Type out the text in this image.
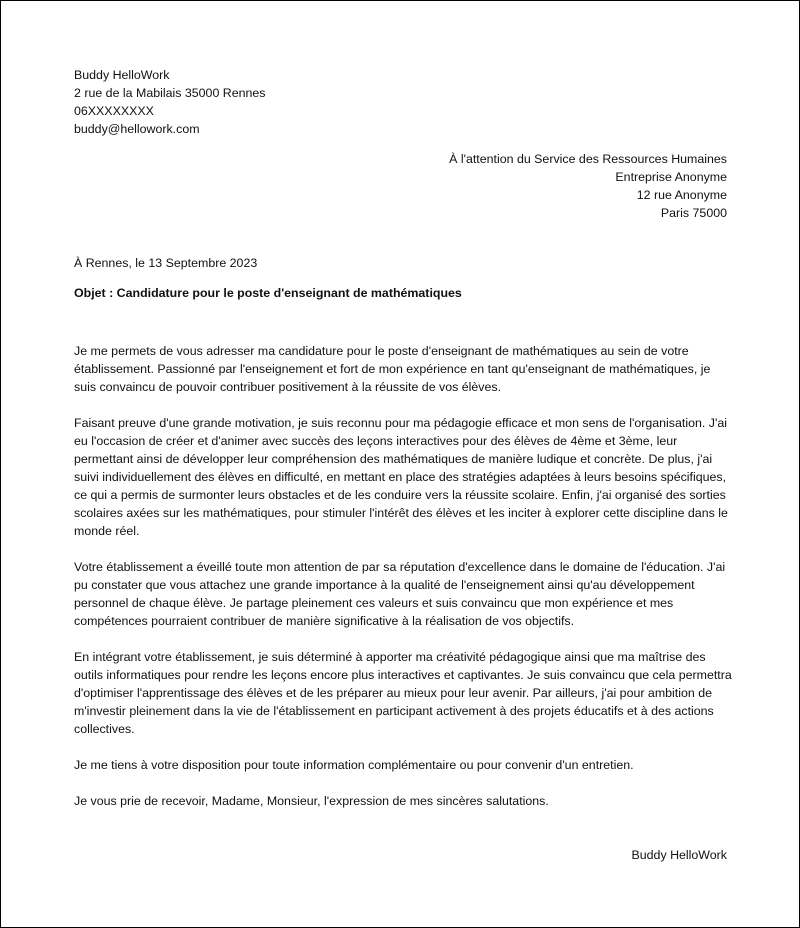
Buddy HelloWork
2 rue de la Mabilais 35000 Rennes
06XXXXXXXX
buddy@hellowork.com
À l'attention du Service des Ressources Humaines
Entreprise Anonyme
12 rue Anonyme
Paris 75000
À Rennes, le 13 Septembre 2023
Objet : Candidature pour le poste d'enseignant de mathématiques

Je me permets de vous adresser ma candidature pour le poste d'enseignant de mathématiques au sein de votre établissement. Passionné par l'enseignement et fort de mon expérience en tant qu'enseignant de mathématiques, je suis convaincu de pouvoir contribuer positivement à la réussite de vos élèves.

Faisant preuve d'une grande motivation, je suis reconnu pour ma pédagogie efficace et mon sens de l'organisation. J'ai eu l'occasion de créer et d'animer avec succès des leçons interactives pour des élèves de 4ème et 3ème, leur permettant ainsi de développer leur compréhension des mathématiques de manière ludique et concrète. De plus, j'ai suivi individuellement des élèves en difficulté, en mettant en place des stratégies adaptées à leurs besoins spécifiques, ce qui a permis de surmonter leurs obstacles et de les conduire vers la réussite scolaire. Enfin, j'ai organisé des sorties scolaires axées sur les mathématiques, pour stimuler l'intérêt des élèves et les inciter à explorer cette discipline dans le monde réel.

Votre établissement a éveillé toute mon attention de par sa réputation d'excellence dans le domaine de l'éducation. J'ai pu constater que vous attachez une grande importance à la qualité de l'enseignement ainsi qu'au développement personnel de chaque élève. Je partage pleinement ces valeurs et suis convaincu que mon expérience et mes compétences pourraient contribuer de manière significative à la réalisation de vos objectifs.

En intégrant votre établissement, je suis déterminé à apporter ma créativité pédagogique ainsi que ma maîtrise des outils informatiques pour rendre les leçons encore plus interactives et captivantes. Je suis convaincu que cela permettra d'optimiser l'apprentissage des élèves et de les préparer au mieux pour leur avenir. Par ailleurs, j'ai pour ambition de m'investir pleinement dans la vie de l'établissement en participant activement à des projets éducatifs et à des actions collectives.

Je me tiens à votre disposition pour toute information complémentaire ou pour convenir d'un entretien.

Je vous prie de recevoir, Madame, Monsieur, l'expression de mes sincères salutations.

Buddy HelloWork
